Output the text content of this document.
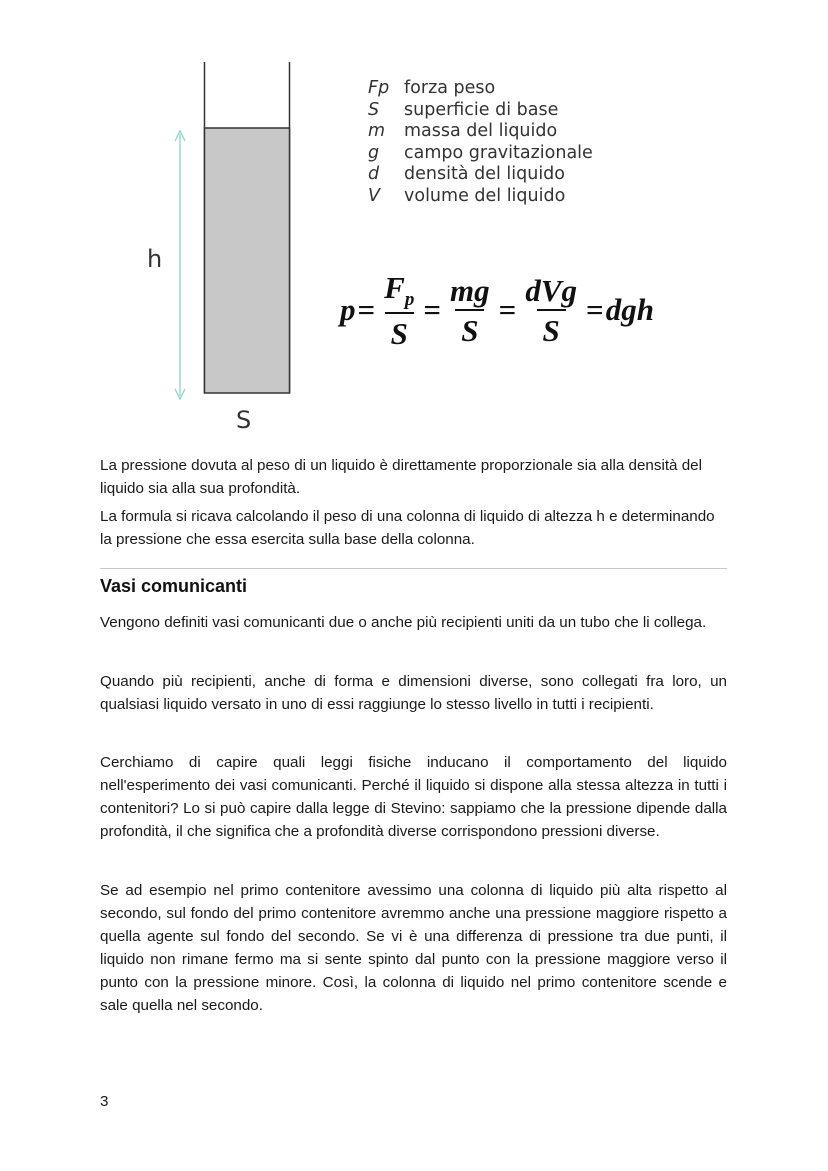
Fp forza peso
S superficie di base
m massa del liquido
g campo gravitazionale
d densità del liquido
V volume del liquido
h
S
$p = \frac{F_p}{S} = \frac{mg}{S} = \frac{\text{dVg}}{S}$ = dgh

La pressione dovuta al peso di un liquido è direttamente proporzionale sia alla densità del liquido sia alla sua profondità.

La formula si ricava calcolando il peso di una colonna di liquido di altezza h e determinando la pressione che essa esercita sulla base della colonna.

Vasi comunicanti

Vengono definiti vasi comunicanti due o anche più recipienti uniti da un tubo che li collega.

Quando più recipienti, anche di forma e dimensioni diverse, sono collegati fra loro, un qualsiasi liquido versato in uno di essi raggiunge lo stesso livello in tutti i recipienti.

Cerchiamo di capire quali leggi fisiche inducano il comportamento del liquido nell'esperimento dei vasi comunicanti. Perché il liquido si dispone alla stessa altezza in tutti i contenitori? Lo si può capire dalla legge di Stevino: sappiamo che la pressione dipende dalla profondità, il che significa che a profondità diverse corrispondono pressioni diverse.

Se ad esempio nel primo contenitore avessimo una colonna di liquido più alta rispetto al secondo, sul fondo del primo contenitore avremmo anche una pressione maggiore rispetto a quella agente sul fondo del secondo. Se vi è una differenza di pressione tra due punti, il liquido non rimane fermo ma si sente spinto dal punto con la pressione maggiore verso il punto con la pressione minore. Così, la colonna di liquido nel primo contenitore scende e sale quella nel secondo.

3
